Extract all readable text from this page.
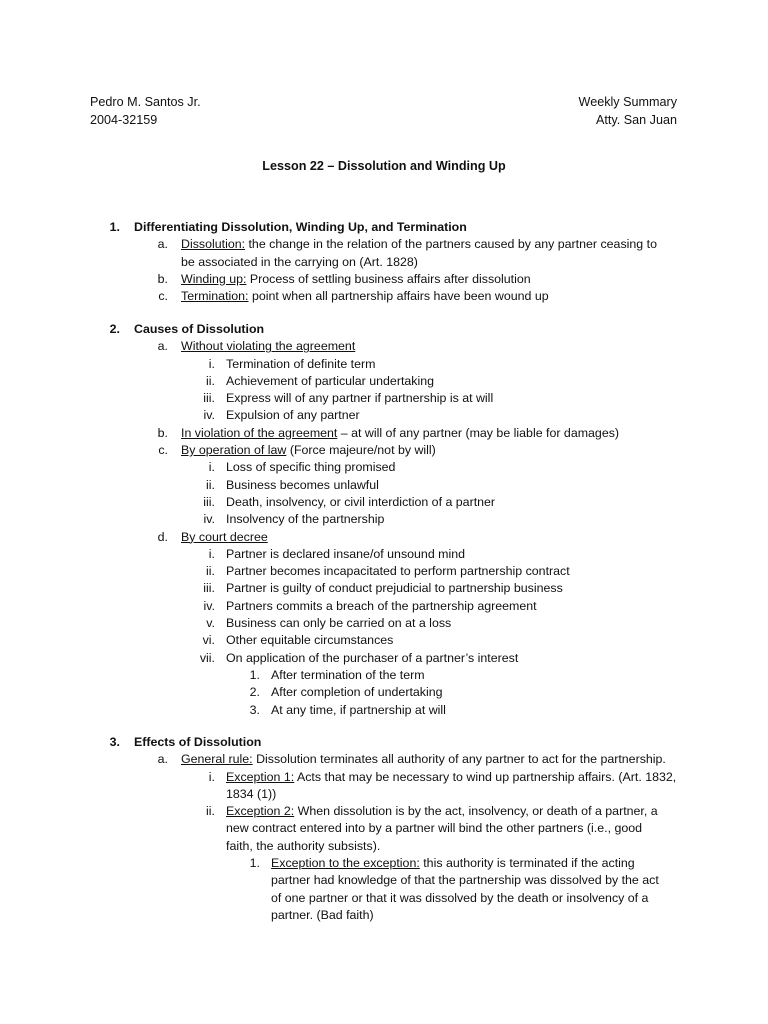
Pedro M. Santos Jr.
2004-32159
Weekly Summary
Atty. San Juan
Lesson 22 – Dissolution and Winding Up
1. Differentiating Dissolution, Winding Up, and Termination
a. Dissolution: the change in the relation of the partners caused by any partner ceasing to
be associated in the carrying on (Art. 1828)
b. Winding up: Process of settling business affairs after dissolution
c. Termination: point when all partnership affairs have been wound up
2. Causes of Dissolution
a. Without violating the agreement
i. Termination of definite term
ii. Achievement of particular undertaking
iii. Express will of any partner if partnership is at will
iv. Expulsion of any partner
b. In violation of the agreement – at will of any partner (may be liable for damages)
c. By operation of law (Force majeure/not by will)
i. Loss of specific thing promised
ii. Business becomes unlawful
iii. Death, insolvency, or civil interdiction of a partner
iv. Insolvency of the partnership
d. By court decree
i. Partner is declared insane/of unsound mind
ii. Partner becomes incapacitated to perform partnership contract
iii. Partner is guilty of conduct prejudicial to partnership business
iv. Partners commits a breach of the partnership agreement
v. Business can only be carried on at a loss
vi. Other equitable circumstances
vii. On application of the purchaser of a partner’s interest
1. After termination of the term
2. After completion of undertaking
3. At any time, if partnership at will
3. Effects of Dissolution
a. General rule: Dissolution terminates all authority of any partner to act for the partnership.
i. Exception 1: Acts that may be necessary to wind up partnership affairs. (Art. 1832,
1834 (1))
ii. Exception 2: When dissolution is by the act, insolvency, or death of a partner, a
new contract entered into by a partner will bind the other partners (i.e., good
faith, the authority subsists).
1. Exception to the exception: this authority is terminated if the acting
partner had knowledge of that the partnership was dissolved by the act
of one partner or that it was dissolved by the death or insolvency of a
partner. (Bad faith)
